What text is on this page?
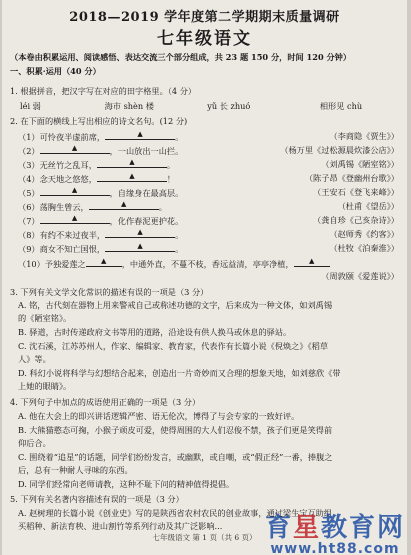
2018—2019 学年度第二学期期末质量调研
七年级语文
（本卷由积累运用、阅读感悟、表达交流三个部分组成，共 23 题 150 分，时间 120 分钟）
一、积累·运用（40 分）
1. 根据拼音，把汉字写在对应的田字格里。（4 分）
léi 弱	海市 shèn 楼	yǔ 长 zhuó	相形见 chù
2. 在下面的横线上写出相应的诗文名句。(12 分)
（1）可怜夜半虚前席，	▲	。	（李商隐《贾生》）
（2）	▲	，一山放出一山拦。	（杨万里《过松源晨炊漆公店》）
（3）无丝竹之乱耳，	▲	。	（刘禹锡《陋室铭》）
（4）念天地之悠悠，	▲	！	（陈子昂《登幽州台歌》）
（5）	▲	，自缘身在最高层。	（王安石《登飞来峰》）
（6）荡胸生曾云，	▲	。	（杜甫《望岳》）
（7）	▲	，化作春泥更护花。	（龚自珍《己亥杂诗》）
（8）有约不来过夜半，	▲	。	（赵师秀《约客》）
（9）商女不知亡国恨，	▲	。	（杜牧《泊秦淮》）
（10）予独爱莲之 ▲ ，中通外直，不蔓不枝，香远益清，亭亭净植， ▲
（周敦颐《爱莲说》）
3. 下列有关文学文化常识的描述有误的一项是（3 分）
A. 铭，古代刻在器物上用来警戒自己或称述功德的文字，后来成为一种文体，如刘禹锡
的《陋室铭》。
B. 驿道，古时传递政府文书等用的道路，沿途设有供人换马或休息的驿站。
C. 沈石溪，江苏苏州人，作家、编辑家、教育家，代表作有长篇小说《倪焕之》《稻草
人》等。
D. 科幻小说将科学与幻想结合起来，创造出一片奇妙而又合理的想象天地，如刘慈欣《带
上她的眼睛》。
4. 下列句子中加点的成语使用正确的一项是（3 分）
A. 他在大会上的即兴讲话逻辑严密、语无伦次，博得了与会专家的一致好评。
B. 大熊猫憨态可掬，小猴子顽皮可爱，使得周围的大人们忍俊不禁，孩子们更是笑得前
仰后合。
C. 围绕着“追星”的话题，同学们纷纷发言，或幽默，或自嘲，或“假正经”一番，捧腹之
后，总有一种耐人寻味的东西。
D. 同学们经常向老师请教，这种不耻下问的精神值得提倡。
5. 下列有关名著内容描述有误的一项是（3 分）
A. 赵树理的长篇小说《创业史》写的是陕西省农村农民的创业故事，通过梁生宝互助组
买稻种、新法育秧、进山割竹等系列行动及其广泛影响...
七年级语文 第 1 页（共 6 页） 育星教育网
www.ht88.com
